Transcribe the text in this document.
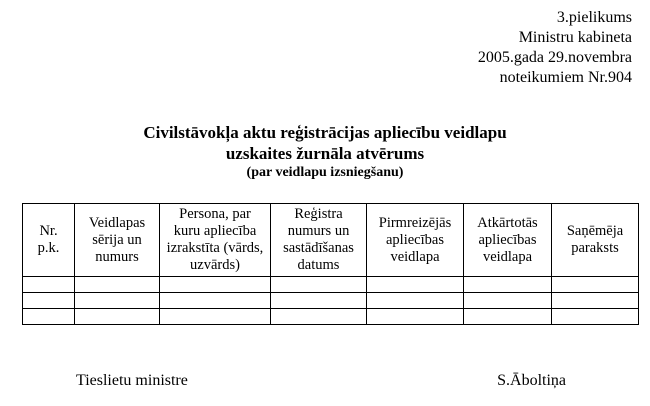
3.pielikums
Ministru kabineta
2005.gada 29.novembra
noteikumiem Nr.904
Civilstāvokļa aktu reģistrācijas apliecību veidlapu
uzskaites žurnāla atvērums
(par veidlapu izsniegšanu)
Nr.
p.k.	Veidlapas
sērija un
numurs	Persona, par
kuru apliecība
izrakstīta (vārds,
uzvārds)	Reģistra
numurs un
sastādīšanas
datums	Pirmreizējās
apliecības
veidlapa	Atkārtotās
apliecības
veidlapa	Saņēmēja
paraksts

Tieslietu ministre	S.Āboltiņa
